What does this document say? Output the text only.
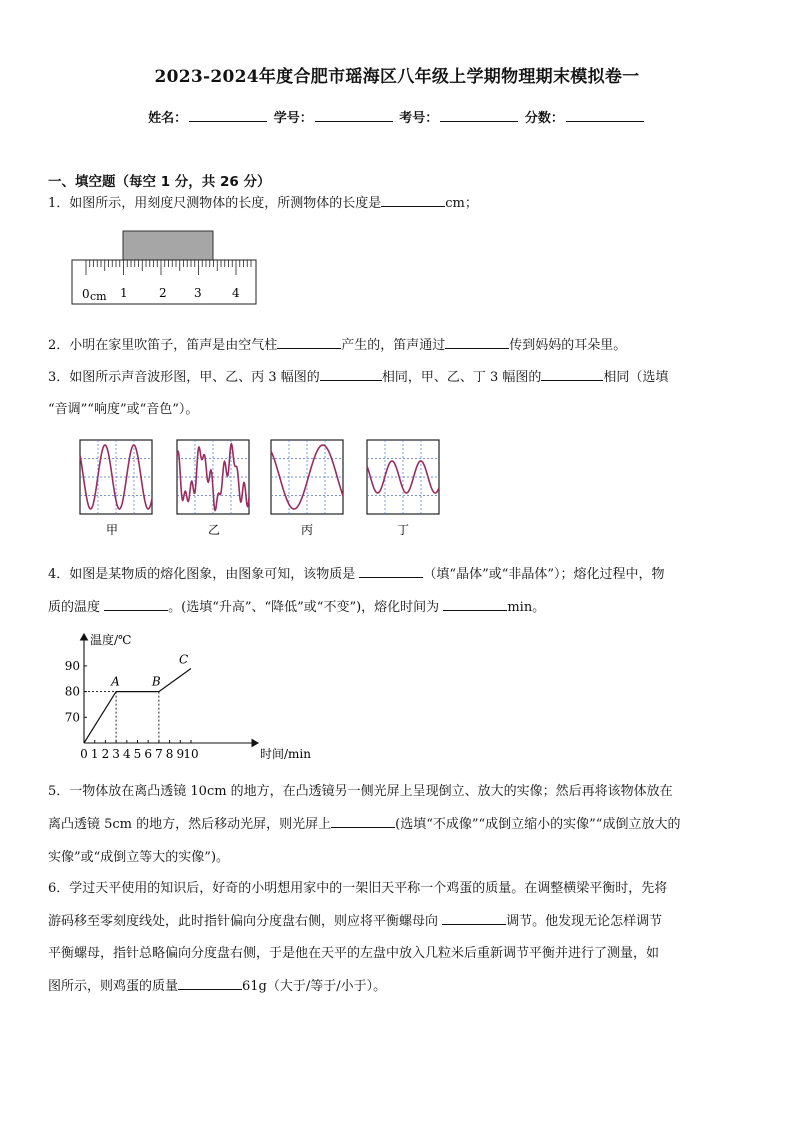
2023-2024年度合肥市瑶海区八年级上学期物理期末模拟卷一
姓名：	学号：	考号：	分数：
一、填空题（每空 1 分，共 26 分）
1．如图所示，用刻度尺测物体的长度，所测物体的长度是	cm；
0 cm 1	2 3	4
2．小明在家里吹笛子，笛声是由空气柱	产生的，笛声通过	传到妈妈的耳朵里。
3．如图所示声音波形图，甲、乙、丙 3 幅图的	相同，甲、乙、丁 3 幅图的	相同（选填
“音调”“响度”或“音色”）。
甲	乙	丙	丁
4．如图是某物质的熔化图象，由图象可知，该物质是	（填“晶体”或“非晶体”）；熔化过程中，物
质的温度	。(选填“升高”、“降低”或“不变”)，熔化时间为	min。
温度/℃
时间/min
0 1 2 3 4 5 6 7 8 9 10
70
80
90
A	B
C
5．一物体放在离凸透镜 10cm 的地方，在凸透镜另一侧光屏上呈现倒立、放大的实像；然后再将该物体放在
离凸透镜 5cm 的地方，然后移动光屏，则光屏上	(选填“不成像”“成倒立缩小的实像”“成倒立放大的
实像”或“成倒立等大的实像”)。
6．学过天平使用的知识后，好奇的小明想用家中的一架旧天平称一个鸡蛋的质量。在调整横梁平衡时，先将
游码移至零刻度线处，此时指针偏向分度盘右侧，则应将平衡螺母向	调节。他发现无论怎样调节
平衡螺母，指针总略偏向分度盘右侧，于是他在天平的左盘中放入几粒米后重新调节平衡并进行了测量，如
图所示，则鸡蛋的质量	61g（大于/等于/小于）。
